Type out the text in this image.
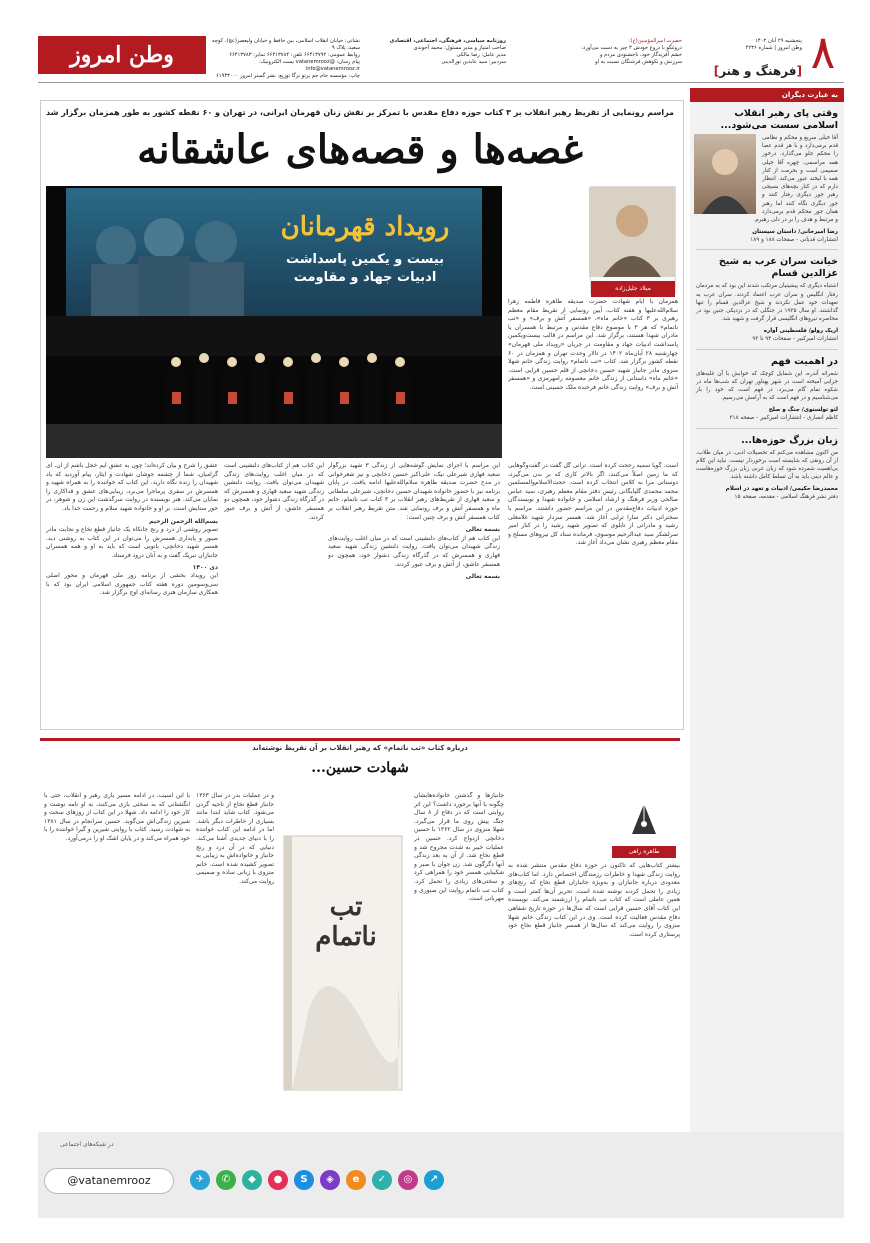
وطن امروز
نشانی: خیابان انقلاب اسلامی، بین حافظ و خیابان ولیعصر(عج)، کوچه سعید، پلاک ۹
روابط عمومی: ۶۶۴۱۳۷۹۲ تلفن: ۶۶۴۱۳۷۸۴ نمابر: ۶۶۴۱۳۷۸۳
پیام رسان: @vatanemrooz پست الکترونیک: info@vatanemrooz.ir
چاپ: مؤسسه جام جم پرتو نرگا توزیع: نشر گستر امروز ۶۱۹۳۳۰۰۰
روزنامه سیاسی، فرهنگی، اجتماعی، اقتصادی
صاحب امتیاز و مدیر مسئول: محمد آخوندی
مدیر عامل: رضا مالکی
سردبیر: سید عابدین نورالدینی
حضرت امیرالمؤمنین(ع):
دروغگو با دروغ خودش ۳ چیز به دست می‌آورد:
خشم آفریدگار خود، ناخشنودی مردم و
سرزنش و نکوهش فرشتگان نسبت به او
پنجشنبه ۲۹ آبان ۱۴۰۲
وطن امروز | شماره ۴۲۳۶
[فرهنگ و هنر]	۸
به عبارت دیگران
وقتی پای رهبر انقلاب اسلامی سست می‌شود...
آقا خیلی سریع و محکم و نظامی قدم برمی‌دارد و با هر قدم عصا را محکم جلو می‌گذارد. درخور همه مراسمی، چهره آقا خیلی صمیمی است و بحرمت از کنار همه با لبخند عبور می‌کند. انتظار دارم که در کنار بچه‌های بسیجی رهبر جور دیگری رفتار کنند و جور دیگری نگاه کنند اما رهبر همان جور محکم قدم برمی‌دارد و مرتبط و هدف را بر در دلی رهبرم.
رضا امیرخانی/ داستان سیستان
انتشارات قدیانی - صفحات ۱۸۸ و ۱۸۹
خیانت سران عرب به شیخ عزالدین قسام
اشتباه دیگری که پیشینیان مرتکب شدند این بود که به مردمان رفتار انگلیس و سران عرب اعتماد کردند. سران عرب به تعهدات خود عمل نکردند و شیخ عزالدین قسام را تنها گذاشتند. او سال ۱۹۳۵ در جنگلی که در نزدیکی جنین بود در محاصره نیروهای انگلیسی قرار گرفت و شهید شد.
اریک رولو/ فلسطینی آواره
انتشارات امیرکبیر - صفحات ۹۴ تا ۹۳
در اهمیت فهم
شعرائه آندره، این شمایل کوچک که خوابش با آن غلبه‌های خرابی آمیخته است در شهر پهناور تهران که شب‌ها ماه در شکوه تمام گام می‌برد. در فهم است که خود را باز می‌شناسیم و در فهم است که به آرامش می‌رسیم.
لئو تولستوی/ جنگ و صلح
کاظم انصاری - انتشارات امیرکبیر - صفحه ۳۱۸
زبان بزرگ حوزه‌ها...
من اکنون مشاهده می‌کنم که تحصیلات ادبی، در میان طلاب، از آن رونقی که شایسته است برخوردار نیست. نباید این کلام بی‌اهمیت شمرده شود که زبان عربی زبان بزرگ حوزه‌هاست و عالم دینی باید به آن تسلط کامل داشته باشد.
محمدرضا حکیمی/ ادبیات و تعهد در اسلام
دفتر نشر فرهنگ اسلامی - مقدمه، صفحه ۱۵
مراسم رونمایی از تقریظ رهبر انقلاب بر ۳ کتاب حوزه دفاع مقدس با تمرکز بر نقش زنان قهرمان ایرانی، در تهران و ۶۰ نقطه کشور به طور همزمان برگزار شد
غصه‌ها و قصه‌های عاشقانه
رویداد قهرمانان
بیست و یکمین پاسداشت
ادبیات جهاد و مقاومت
میلاد جلیل‌زاده
همزمان با ایام شهادت حضرت صدیقه طاهره فاطمه زهرا سلام‌الله‌علیها و هفته کتاب، آیین رونمایی از تقریظ مقام معظم رهبری بر ۳ کتاب «خانم ماه»، «همسفر آتش و برف» و «تب ناتمام» که هر ۳ با موضوع دفاع مقدس و مرتبط با همسران یا مادران شهدا هستند، برگزار شد. این مراسم در قالب بیست‌ویکمین پاسداشت ادبیات جهاد و مقاومت در جریان «رویداد ملی قهرمان» چهارشنبه ۲۸ آبان‌ماه ۱۴۰۲ در تالار وحدت تهران و همزمان در ۶۰ نقطه کشور برگزار شد. کتاب «تب ناتمام» روایت زندگی خانم شهلا منزوی مادر جانباز شهید حسین دخانچی از قلم حسین قرایی است. «خانم ماه» داستانی از زندگی خانم معصومه رامهرمزی و «همسفر آتش و برف» روایت زندگی خانم فرخنده ملک حسینی است.
است. گویا سمیه رجحت کرده است. ترانی گل گفت در گفت‌وگوهایی که ما زمین اصلاً می‌کنند، اگر بالاتر کاری که بر بدن می‌گیرد، دوستانی مرا به کلاس انتخاب کرده است. حجت‌الاسلام‌والمسلمین محمد محمدی گلپایگانی رئیس دفتر مقام معظم رهبری، سید عباس صالحی وزیر فرهنگ و ارشاد اسلامی و خانواده شهدا و نویسندگان حوزه ادبیات دفاع‌مقدس در این مراسم حضور داشتند. مراسم با سخنرانی دکتر سارا ترابی آغاز شد. همسر سردار شهید غلامعلی رشید و مادرانی از تابلوی که تصویر شهید رشید را در کنار امیر سرلشکر سید عبدالرحیم موسوی، فرمانده ستاد کل نیروهای مسلح و مقام معظم رهبری نشان می‌داد آغاز شد.
این مراسم با اجرای نمایش گوشه‌هایی از زندگی ۳ شهید بزرگوار سعید فهازی شیرعلی نیک، علی‌اکبر حسین دخانچی و نیز شعرخوانی در مدح حضرت صدیقه طاهره سلام‌الله‌علیها ادامه یافت. در پایان برنامه نیز با حضور خانواده شهیدان حسین دخانچی، شیرعلی سلطانی و سعید قهاری از تقریظ‌های رهبر انقلاب بر ۳ کتاب تب ناتمام، خانم ماه و همسفر آتش و برف رونمایی شد. متن تقریظ رهبر انقلاب بر کتاب همسفر آتش و برف چنین است:
بسمه تعالی
این کتاب هم از کتاب‌های دلنشینی است که در میان اغلب روایت‌های زندگی شهیدان می‌توان یافت. روایت دلنشین زندگی شهید سعید قهاری و همسرش که در گذرگاه زندگی دشوار خود، همچون دو همسفر عاشق، از آتش و برف عبور کردند.
بسمه تعالی
عشق را شرح و بیان کرده‌اند؛ چون به عشق آیم خجل باشم از آن. ای گرامیان، شما از چشمه جوشان شهادت و ایثار، پیام آوردید که یاد شهیدان را زنده نگاه دارید. این کتاب که خواننده را به همراه شهید و همسرش در سفری پرماجرا می‌برد، زیبایی‌های عشق و فداکاری را نمایان می‌کند. هنر نویسنده در روایت سرگذشت این زن و شوهر، در خور ستایش است. بر او و خانواده شهید سلام و رحمت خدا باد.
بسم‌الله الرحمن الرحیم
تصویر روشنی از درد و رنج جانکاه یک جانباز قطع نخاع و نجابت مادر صبور و پایداری همسرش را می‌توان در این کتاب به روشنی دید. همسر شهید دخانچی، بانویی است که باید به او و همه همسران جانبازان تبریک گفت و به آنان درود فرستاد.
دی ۱۴۰۰
این رویداد بخشی از برنامه روز ملی قهرمان و محور اصلی سی‌وسومین دوره هفته کتاب جمهوری اسلامی ایران بود که با همکاری سازمان هنری رسانه‌ای اوج برگزار شد.
این کتاب هم از کتاب‌های دلنشینی است که در میان اغلب روایت‌های زندگی شهیدان می‌توان یافت. روایت دلنشین زندگی شهید سعید قهاری و همسرش که در گذرگاه زندگی دشوار خود، همچون دو همسفر عاشق، از آتش و برف عبور کردند.
درباره کتاب «تب ناتمام» که رهبر انقلاب بر آن تقریظ نوشته‌اند
شهادت حسین...
طاهره راهی
بیشتر کتاب‌هایی که تاکنون در حوزه دفاع مقدس منتشر شده به روایت زندگی شهدا و خاطرات رزمندگان اختصاص دارد. اما کتاب‌های معدودی درباره جانبازان و به‌ویژه جانبازان قطع نخاع که رنج‌های زیادی را تحمل کردند نوشته شده است. تحریر آن‌ها کمتر است و همین عاملی است که کتاب تب ناتمام را ارزشمند می‌کند. نویسنده این کتاب آقای حسین قرایی است که سال‌ها در حوزه تاریخ شفاهی دفاع مقدس فعالیت کرده است. وی در این کتاب زندگی خانم شهلا منزوی را روایت می‌کند که سال‌ها از همسر جانباز قطع نخاع خود پرستاری کرده است.
جانبازها و گذشتن خانواده‌هایشان چگونه با آنها برخورد داشت؟ این اثر روایتی است که در دفاع از ۸ سال جنگ پیش روی ما قرار می‌گیرد. شهلا منزوی در سال ۱۳۶۲ با حسین دخانچی ازدواج کرد. حسین در عملیات خیبر به شدت مجروح شد و قطع نخاع شد. از آن به بعد زندگی آنها دگرگون شد. زن جوان با صبر و شکیبایی همسر خود را همراهی کرد و سختی‌های زیادی را تحمل کرد. کتاب تب ناتمام روایت این صبوری و مهربانی است.
و در عملیات بدر در سال ۱۳۶۳ جانباز قطع نخاع از ناحیه گردن می‌شود. کتاب شاید ابتدا مانند بسیاری از خاطرات دیگر باشد. اما در ادامه این کتاب خواننده را با دنیای جدیدی آشنا می‌کند. دنیایی که در آن درد و رنج جانباز و خانواده‌اش به زیبایی به تصویر کشیده شده است. خانم منزوی با زبانی ساده و صمیمی روایت می‌کند.
با این آسیب، در ادامه مسیر یاری رهبر و انقلاب، حتی با انگشتانی که به سختی یاری می‌کنند، به او نامه نوشت و کار خود را ادامه داد. شهلا در این کتاب از روزهای سخت و شیرین زندگی‌اش می‌گوید. حسین سرانجام در سال ۱۳۸۱ به شهادت رسید. کتاب با روایتی شیرین و گیرا خواننده را با خود همراه می‌کند و در پایان اشک او را درمی‌آورد.
تب ناتمام
در شبکه‌های اجتماعی
@vatanemrooz	✈	✆	◆	●	S	◈	e	✓	◎	↗
